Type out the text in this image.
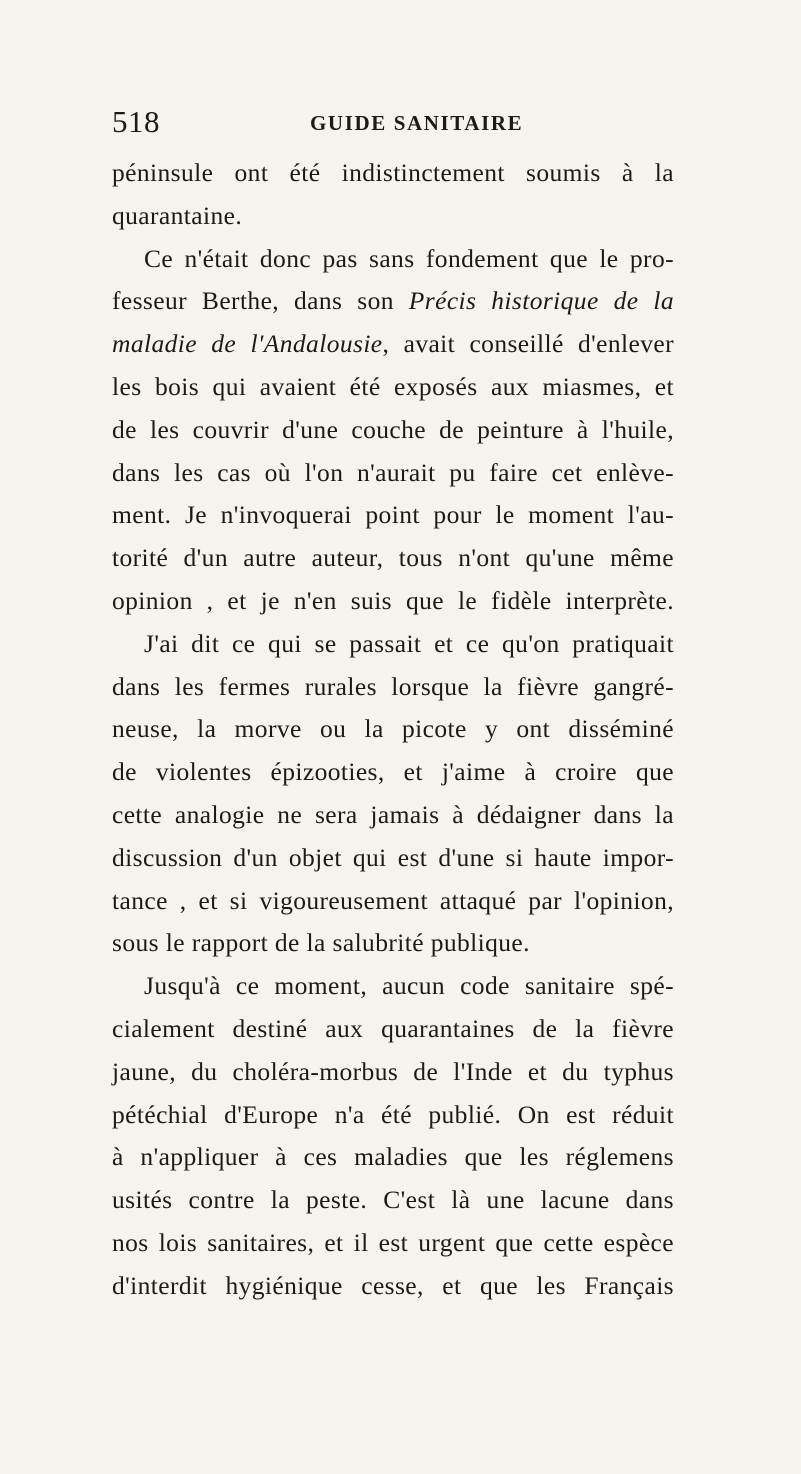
518	GUIDE SANITAIRE
péninsule ont été indistinctement soumis à la
quarantaine.
Ce n'était donc pas sans fondement que le pro-
fesseur Berthe, dans son Précis historique de la
maladie de l'Andalousie, avait conseillé d'enlever
les bois qui avaient été exposés aux miasmes, et
de les couvrir d'une couche de peinture à l'huile,
dans les cas où l'on n'aurait pu faire cet enlève-
ment. Je n'invoquerai point pour le moment l'au-
torité d'un autre auteur, tous n'ont qu'une même
opinion , et je n'en suis que le fidèle interprète.
J'ai dit ce qui se passait et ce qu'on pratiquait
dans les fermes rurales lorsque la fièvre gangré-
neuse, la morve ou la picote y ont disséminé
de violentes épizooties, et j'aime à croire que
cette analogie ne sera jamais à dédaigner dans la
discussion d'un objet qui est d'une si haute impor-
tance , et si vigoureusement attaqué par l'opinion,
sous le rapport de la salubrité publique.
Jusqu'à ce moment, aucun code sanitaire spé-
cialement destiné aux quarantaines de la fièvre
jaune, du choléra-morbus de l'Inde et du typhus
pétéchial d'Europe n'a été publié. On est réduit
à n'appliquer à ces maladies que les réglemens
usités contre la peste. C'est là une lacune dans
nos lois sanitaires, et il est urgent que cette espèce
d'interdit hygiénique cesse, et que les Français
